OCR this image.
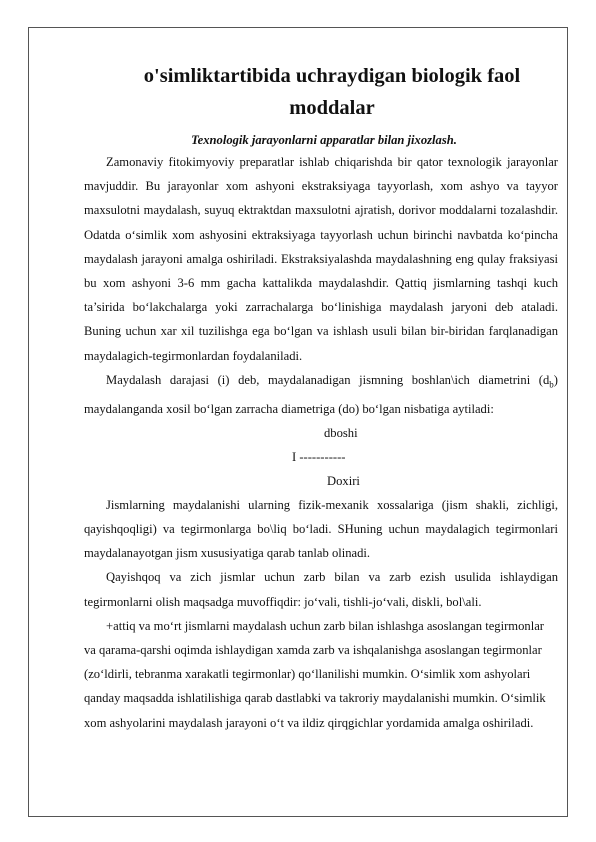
o'simliktartibida uchraydigan biologik faol
moddalar

Texnologik jarayonlarni apparatlar bilan jixozlash.

Zamonaviy fitokimyoviy preparatlar ishlab chiqarishda bir qator texnologik jarayonlar mavjuddir. Bu jarayonlar xom ashyoni ekstraksiyaga tayyorlash, xom ashyo va tayyor maxsulotni maydalash, suyuq ektraktdan maxsulotni ajratish, dorivor moddalarni tozalashdir. Odatda o‘simlik xom ashyosini ektraksiyaga tayyorlash uchun birinchi navbatda ko‘pincha maydalash jarayoni amalga oshiriladi. Ekstraksiyalashda maydalashning eng qulay fraksiyasi bu xom ashyoni 3-6 mm gacha kattalikda maydalashdir. Qattiq jismlarning tashqi kuch ta’sirida bo‘lakchalarga yoki zarrachalarga bo‘linishiga maydalash jaryoni deb ataladi. Buning uchun xar xil tuzilishga ega bo‘lgan va ishlash usuli bilan bir-biridan farqlanadigan maydalagich-tegirmonlardan foydalaniladi.

Maydalash darajasi (i) deb, maydalanadigan jismning boshlan\ich diametrini $(d_b)$ maydalanganda xosil bo‘lgan zarracha diametriga (do) bo‘lgan nisbatiga aytiladi:

dboshi
I -----------
Doxiri

Jismlarning maydalanishi ularning fizik-mexanik xossalariga (jism shakli, zichligi, qayishqoqligi) va tegirmonlarga bo\liq bo‘ladi. SHuning uchun maydalagich tegirmonlari maydalanayotgan jism xususiyatiga qarab tanlab olinadi.

Qayishqoq va zich jismlar uchun zarb bilan va zarb ezish usulida ishlaydigan tegirmonlarni olish maqsadga muvoffiqdir: jo‘vali, tishli-jo‘vali, diskli, bol\ali.

+attiq va mo‘rt jismlarni maydalash uchun zarb bilan ishlashga asoslangan tegirmonlar va qarama-qarshi oqimda ishlaydigan xamda zarb va ishqalanishga asoslangan tegirmonlar (zo‘ldirli, tebranma xarakatli tegirmonlar) qo‘llanilishi mumkin. O‘simlik xom ashyolari qanday maqsadda ishlatilishiga qarab dastlabki va takroriy maydalanishi mumkin. O‘simlik xom ashyolarini maydalash jarayoni o‘t va ildiz qirqgichlar yordamida amalga oshiriladi.
